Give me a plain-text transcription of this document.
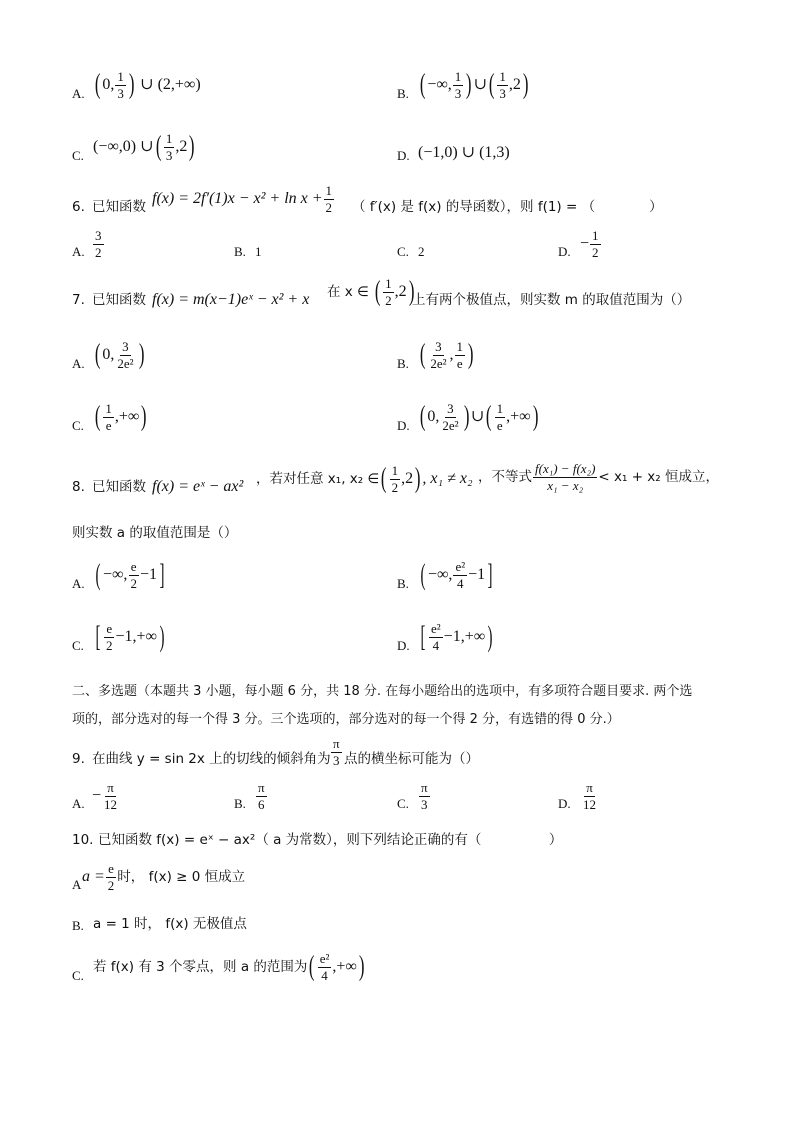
A. ( 0, $\frac{1}{3}$ ) ∪ (2,+∞)
B. ( −∞, $\frac{1}{3}$ ) ∪( $\frac{1}{3} ,2$)
C.
(−∞,0) ∪( $\frac{1}{3} ,2$)	D. (−1,0) ∪ (1,3)
6. 已知函数
$f(x) = 2f'(1)x - x^2 + \ln x + \frac{1}{2}$ （ f′(x) 是 f(x) 的导函数），则 f(1) = （　　　　）
A. $\frac{3}{2}$	B. 1	C. 2	D. − $\frac{1}{2}$
7. 已知函数 f(x) = m(x−1)eˣ − x² + x 在 x ∈ ( $\frac{1}{2} ,2$)
上有两个极值点，则实数 m 的取值范围为（）
A. ( 0, $\frac{3}{\text{2e²}}$ )	B. ( $\frac{3}{\text{2e²}}$ , $\frac{1}{e}$ )
C. ( $\frac{1}{e}$ ,+∞)	D. ( 0, $\frac{3}{\text{2e²}}$ ) ∪( $\frac{1}{e}$ ,+∞)
8. 已知函数 f(x) = eˣ − ax² ，若对任意 x₁, x₂ ∈( $\frac{1}{2} ,2$) , x₁ ≠ x₂ ，不等式 $\frac{\text{f(x₁) − f(x₂)}}{\text{x₁ − x₂}} < x_1 + x_2$ 恒成立，
则实数 a 的取值范围是（）
A. ( −∞, $\frac{e}{2} -1$]	B. ( −∞, $\frac{\text{e²}}{4} -1$]
C. [ $\frac{e}{2} -1,+\infty$)	D. [ $\frac{\text{e²}}{4} -1,+\infty$)
二、多选题（本题共 3 小题，每小题 6 分，共 18 分. 在每小题给出的选项中，有多项符合题目要求. 两个选
项的，部分选对的每一个得 3 分。三个选项的，部分选对的每一个得 2 分，有选错的得 0 分.）
9. 在曲线 y = sin 2x 上的切线的倾斜角为 $\frac{\pi}{3}$ 点的横坐标可能为（）
A. − $\frac{\pi}{12}$	B. $\frac{\pi}{6}$	C. $\frac{\pi}{3}$	D. $\frac{\pi}{12}$
10. 已知函数 f(x) = eˣ − ax²（ a 为常数），则下列结论正确的有（　　　　　）
A $a = \frac{e}{2}$ 时， f(x) ≥ 0 恒成立
B. a = 1 时， f(x) 无极值点
C.
若 f(x) 有 3 个零点，则 a 的范围为( $\frac{\text{e²}}{4}$ ,+∞)
